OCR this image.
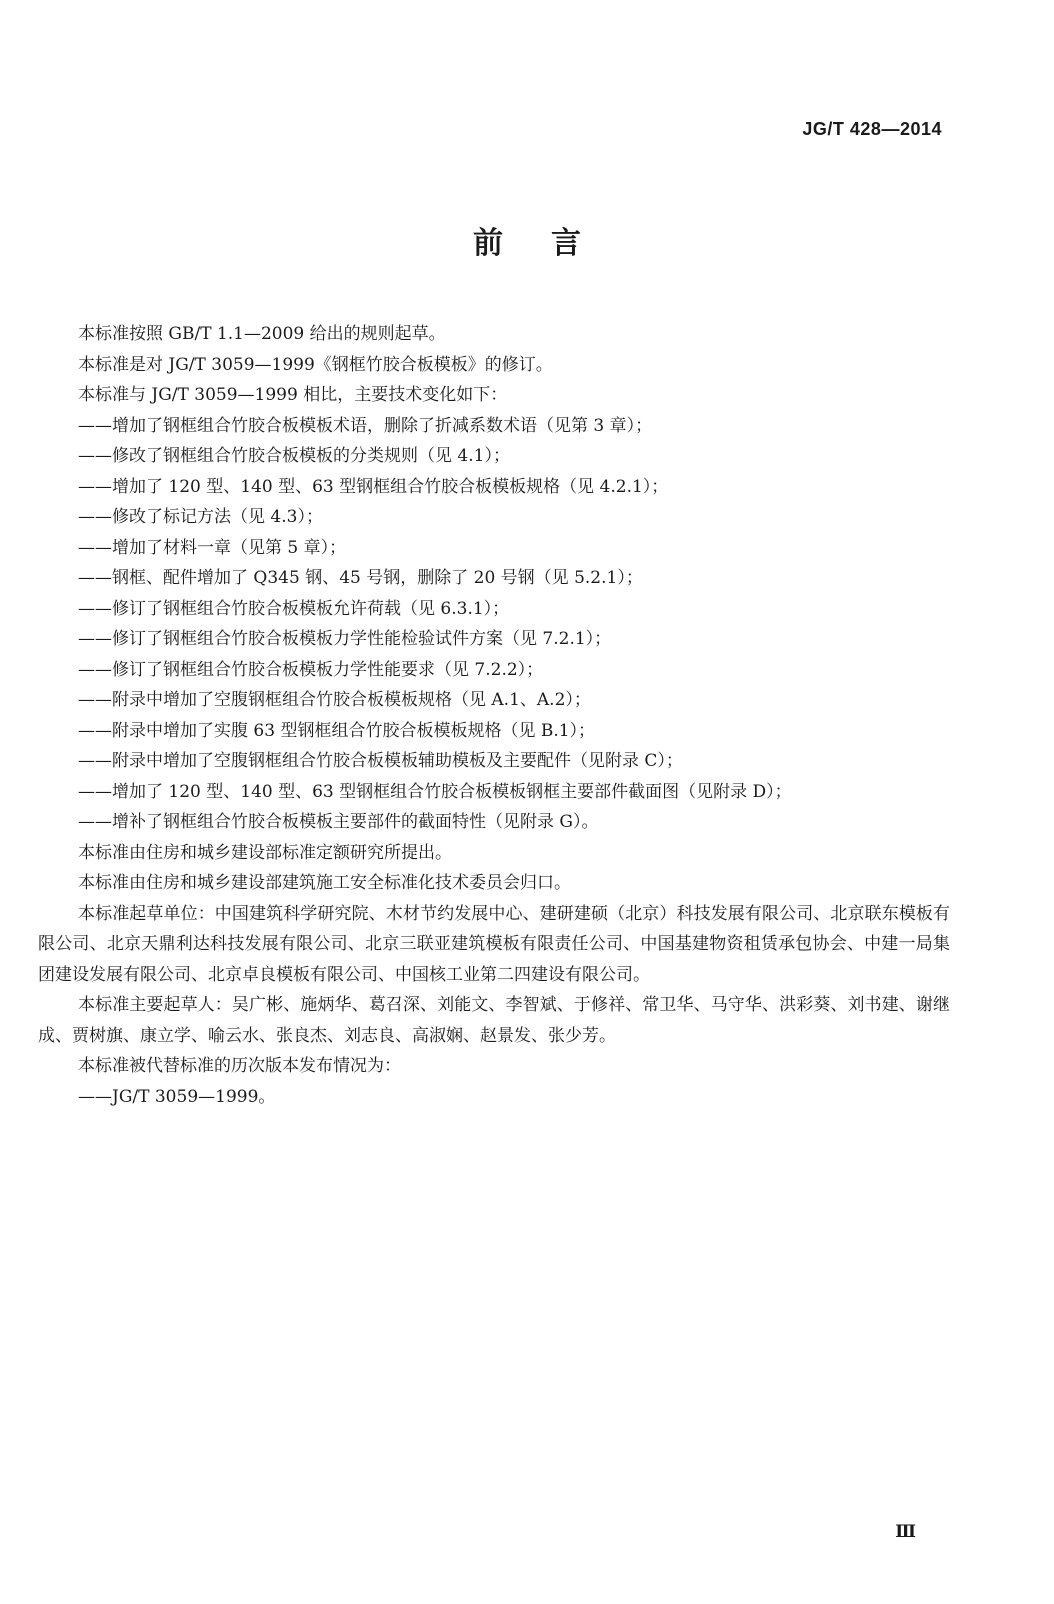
JG/T 428—2014
前言

本标准按照 GB/T 1.1—2009 给出的规则起草。

本标准是对 JG/T 3059—1999《钢框竹胶合板模板》的修订。

本标准与 JG/T 3059—1999 相比，主要技术变化如下：

——增加了钢框组合竹胶合板模板术语，删除了折减系数术语（见第 3 章）；

——修改了钢框组合竹胶合板模板的分类规则（见 4.1）；

——增加了 120 型、140 型、63 型钢框组合竹胶合板模板规格（见 4.2.1）；

——修改了标记方法（见 4.3）；

——增加了材料一章（见第 5 章）；

——钢框、配件增加了 Q345 钢、45 号钢，删除了 20 号钢（见 5.2.1）；

——修订了钢框组合竹胶合板模板允许荷载（见 6.3.1）；

——修订了钢框组合竹胶合板模板力学性能检验试件方案（见 7.2.1）；

——修订了钢框组合竹胶合板模板力学性能要求（见 7.2.2）；

——附录中增加了空腹钢框组合竹胶合板模板规格（见 A.1、A.2）；

——附录中增加了实腹 63 型钢框组合竹胶合板模板规格（见 B.1）；

——附录中增加了空腹钢框组合竹胶合板模板辅助模板及主要配件（见附录 C）；

——增加了 120 型、140 型、63 型钢框组合竹胶合板模板钢框主要部件截面图（见附录 D）；

——增补了钢框组合竹胶合板模板主要部件的截面特性（见附录 G）。

本标准由住房和城乡建设部标准定额研究所提出。

本标准由住房和城乡建设部建筑施工安全标准化技术委员会归口。

本标准起草单位：中国建筑科学研究院、木材节约发展中心、建研建硕（北京）科技发展有限公司、北京联东模板有限公司、北京天鼎利达科技发展有限公司、北京三联亚建筑模板有限责任公司、中国基建物资租赁承包协会、中建一局集团建设发展有限公司、北京卓良模板有限公司、中国核工业第二四建设有限公司。

本标准主要起草人：吴广彬、施炳华、葛召深、刘能文、李智斌、于修祥、常卫华、马守华、洪彩葵、刘书建、谢继成、贾树旗、康立学、喻云水、张良杰、刘志良、高淑娴、赵景发、张少芳。

本标准被代替标准的历次版本发布情况为：

——JG/T 3059—1999。

Ⅲ
